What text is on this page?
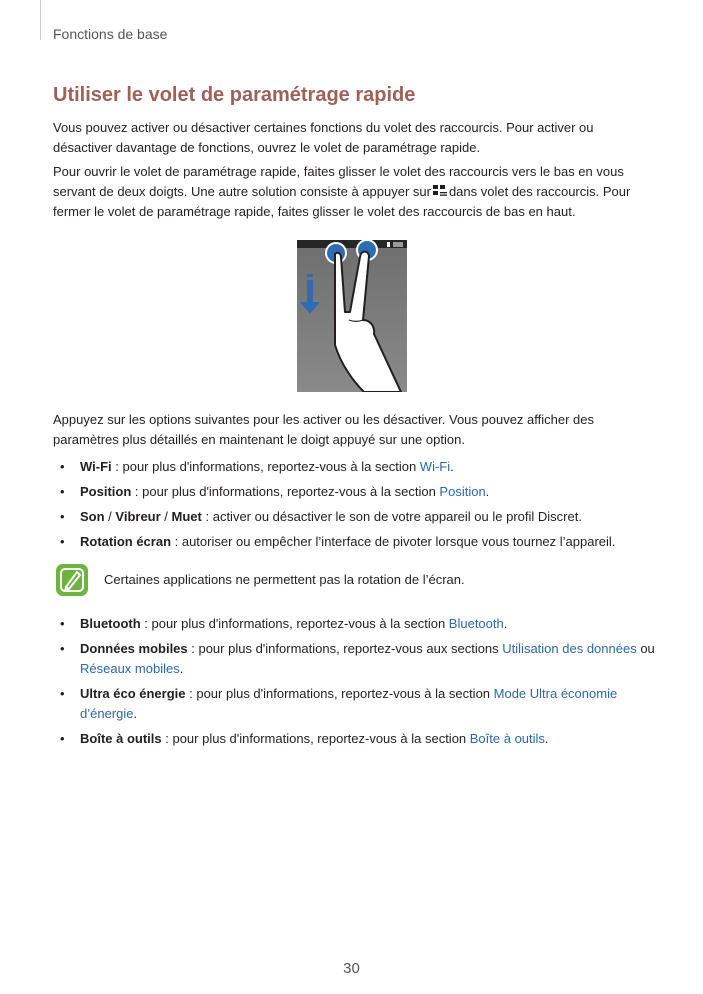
Fonctions de base
Utiliser le volet de paramétrage rapide

Vous pouvez activer ou désactiver certaines fonctions du volet des raccourcis. Pour activer ou désactiver davantage de fonctions, ouvrez le volet de paramétrage rapide.

Pour ouvrir le volet de paramétrage rapide, faites glisser le volet des raccourcis vers le bas en vous servant de deux doigts. Une autre solution consiste à appuyer sur dans volet des raccourcis. Pour fermer le volet de paramétrage rapide, faites glisser le volet des raccourcis de bas en haut.

Appuyez sur les options suivantes pour les activer ou les désactiver. Vous pouvez afficher des paramètres plus détaillés en maintenant le doigt appuyé sur une option.

• Wi-Fi : pour plus d'informations, reportez-vous à la section Wi-Fi.
• Position : pour plus d'informations, reportez-vous à la section Position.
• Son / Vibreur / Muet : activer ou désactiver le son de votre appareil ou le profil Discret.
• Rotation écran : autoriser ou empêcher l’interface de pivoter lorsque vous tournez l’appareil.
Certaines applications ne permettent pas la rotation de l’écran.
• Bluetooth : pour plus d'informations, reportez-vous à la section Bluetooth.
• Données mobiles : pour plus d'informations, reportez-vous aux sections Utilisation des données ou Réseaux mobiles.
• Ultra éco énergie : pour plus d'informations, reportez-vous à la section Mode Ultra économie d’énergie.
• Boîte à outils : pour plus d'informations, reportez-vous à la section Boîte à outils.
30
